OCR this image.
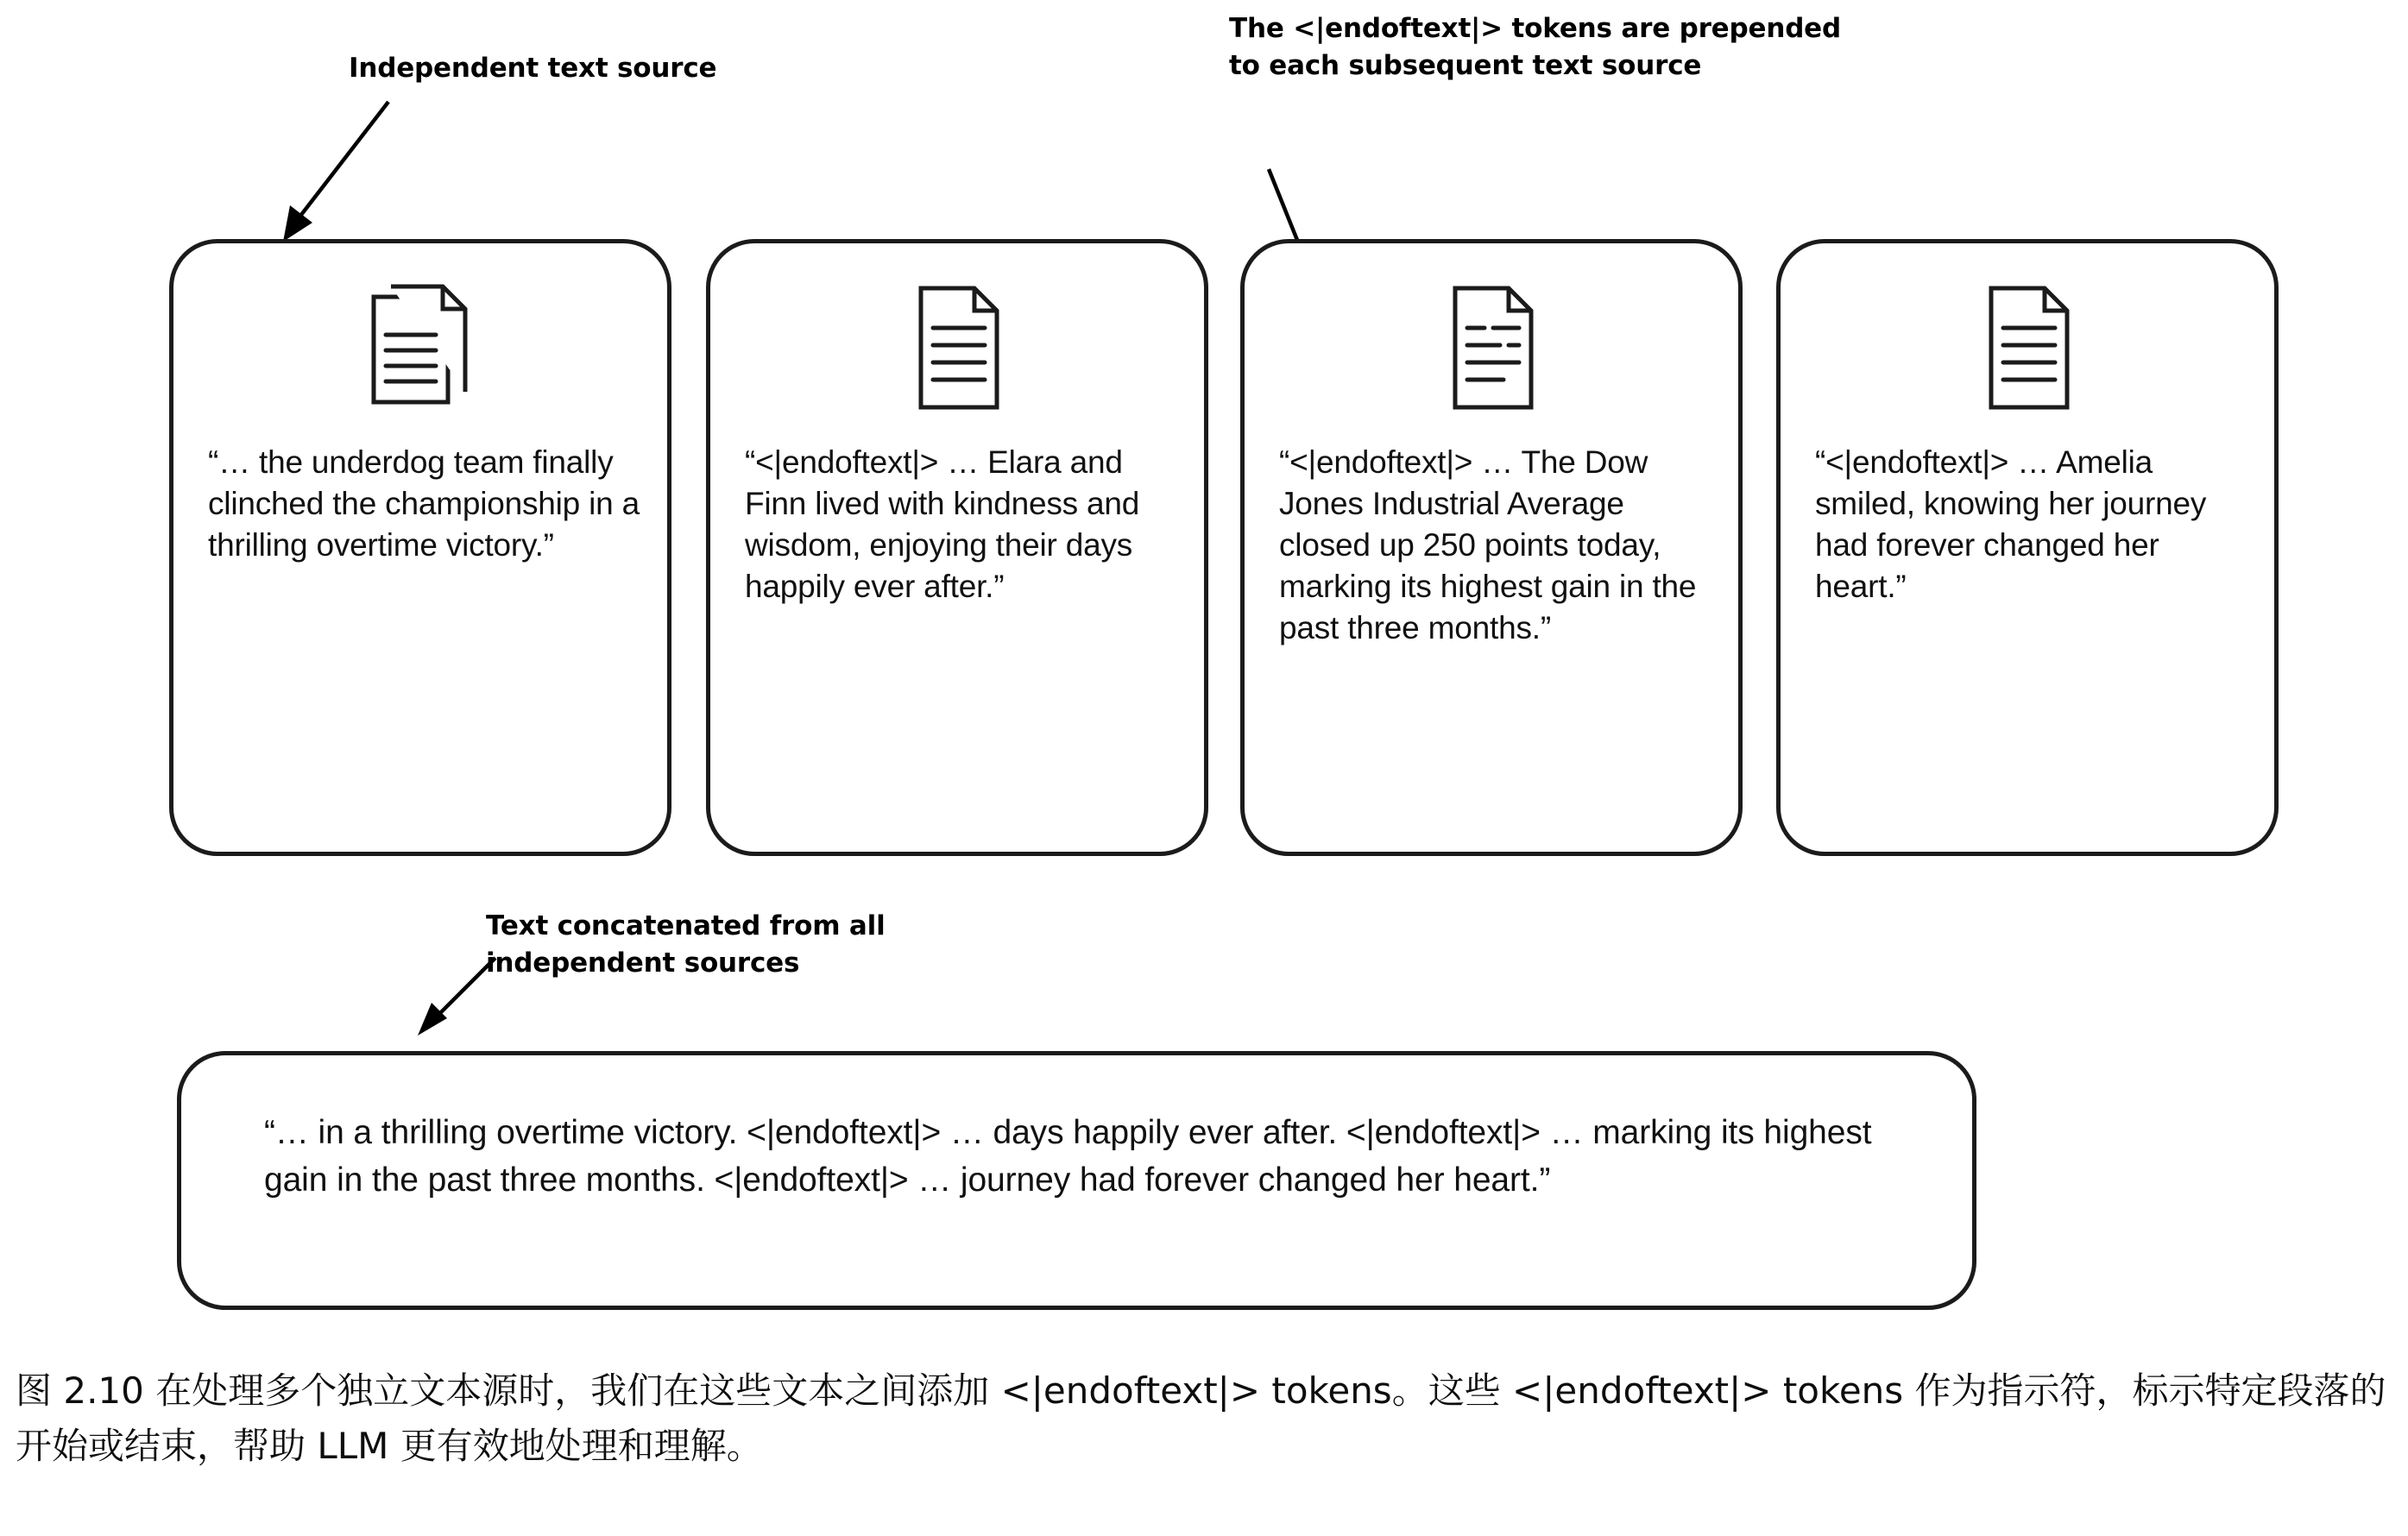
Independent text source
The <|endoftext|> tokens are prepended to each subsequent text source
“… the underdog team finally clinched the championship in a thrilling overtime victory.”
“<|endoftext|> … Elara and Finn lived with kindness and wisdom, enjoying their days happily ever after.”
“<|endoftext|> … The Dow Jones Industrial Average closed up 250 points today, marking its highest gain in the past three months.”
“<|endoftext|> … Amelia smiled, knowing her journey had forever changed her heart.”
Text concatenated from all independent sources
“… in a thrilling overtime victory. <|endoftext|> … days happily ever after. <|endoftext|> … marking its highest gain in the past three months. <|endoftext|> … journey had forever changed her heart.”
图 2.10 在处理多个独立文本源时，我们在这些文本之间添加 <|endoftext|> tokens。这些 <|endoftext|> tokens 作为指示符，标示特定段落的开始或结束，帮助 LLM 更有效地处理和理解。
